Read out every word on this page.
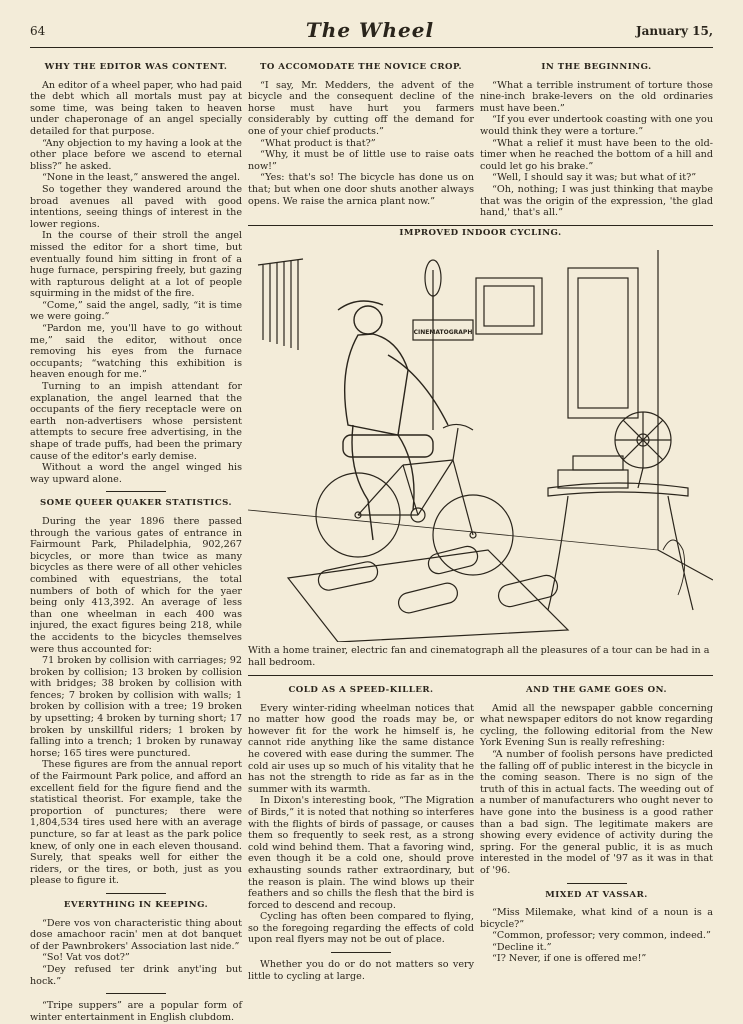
64	The Wheel	January 15,
WHY THE EDITOR WAS CONTENT.

An editor of a wheel paper, who had paid the debt which all mortals must pay at some time, was being taken to heaven under chaperonage of an angel specially detailed for that purpose.

“Any objection to my having a look at the other place before we ascend to eternal bliss?” he asked.

“None in the least,” answered the angel.

So together they wandered around the broad avenues all paved with good intentions, seeing things of interest in the lower regions.

In the course of their stroll the angel missed the editor for a short time, but eventually found him sitting in front of a huge furnace, perspiring freely, but gazing with rapturous delight at a lot of people squirming in the midst of the fire.

“Come,” said the angel, sadly, “it is time we were going.”

“Pardon me, you'll have to go without me,” said the editor, without once removing his eyes from the furnace occupants; “watching this exhibition is heaven enough for me.”

Turning to an impish attendant for explanation, the angel learned that the occupants of the fiery receptacle were on earth non-advertisers whose persistent attempts to secure free advertising, in the shape of trade puffs, had been the primary cause of the editor's early demise.

Without a word the angel winged his way upward alone.

SOME QUEER QUAKER STATISTICS.

During the year 1896 there passed through the various gates of entrance in Fairmount Park, Philadelphia, 902,267 bicycles, or more than twice as many bicycles as there were of all other vehicles combined with equestrians, the total numbers of both of which for the yaer being only 413,392. An average of less than one wheelman in each 400 was injured, the exact figures being 218, while the accidents to the bicycles themselves were thus accounted for:

71 broken by collision with carriages; 92 broken by collision; 13 broken by collision with bridges; 38 broken by collision with fences; 7 broken by collision with walls; 1 broken by collision with a tree; 19 broken by upsetting; 4 broken by turning short; 17 broken by unskillful riders; 1 broken by falling into a trench; 1 broken by runaway horse; 165 tires were punctured.

These figures are from the annual report of the Fairmount Park police, and afford an excellent field for the figure fiend and the statistical theorist. For example, take the proportion of punctures; there were 1,804,534 tires used here with an average puncture, so far at least as the park police knew, of only one in each eleven thousand. Surely, that speaks well for either the riders, or the tires, or both, just as you please to figure it.

EVERYTHING IN KEEPING.

“Dere vos von characteristic thing about dose amachoor racin' men at dot banquet of der Pawnbrokers' Association last nide.”

“So! Vat vos dot?”

“Dey refused ter drink anyt'ing but hock.”

“Tripe suppers” are a popular form of winter entertainment in English clubdom.

TO ACCOMODATE THE NOVICE CROP.

“I say, Mr. Medders, the advent of the bicycle and the consequent decline of the horse must have hurt you farmers considerably by cutting off the demand for one of your chief products.”

“What product is that?”

“Why, it must be of little use to raise oats now!”

“Yes: that's so! The bicycle has done us on that; but when one door shuts another always opens. We raise the arnica plant now.”

IN THE BEGINNING.

“What a terrible instrument of torture those nine-inch brake-levers on the old ordinaries must have been.”

“If you ever undertook coasting with one you would think they were a torture.”

“What a relief it must have been to the old-timer when he reached the bottom of a hill and could let go his brake.”

“Well, I should say it was; but what of it?”

“Oh, nothing; I was just thinking that maybe that was the origin of the expression, 'the glad hand,' that's all.”

IMPROVED INDOOR CYCLING.
CINEMATOGRAPH
With a home trainer, electric fan and cinematograph all the pleasures of a tour can be had in a hall bedroom.
COLD AS A SPEED-KILLER.

Every winter-riding wheelman notices that no matter how good the roads may be, or however fit for the work he himself is, he cannot ride anything like the same distance he covered with ease during the summer. The cold air uses up so much of his vitality that he has not the strength to ride as far as in the summer with its warmth.

In Dixon's interesting book, “The Migration of Birds,” it is noted that nothing so interferes with the flights of birds of passage, or causes them so frequently to seek rest, as a strong cold wind behind them. That a favoring wind, even though it be a cold one, should prove exhausting sounds rather extraordinary, but the reason is plain. The wind blows up their feathers and so chills the flesh that the bird is forced to descend and recoup.

Cycling has often been compared to flying, so the foregoing regarding the effects of cold upon real flyers may not be out of place.

Whether you do or do not matters so very little to cycling at large.

AND THE GAME GOES ON.

Amid all the newspaper gabble concerning what newspaper editors do not know regarding cycling, the following editorial from the New York Evening Sun is really refreshing:

“A number of foolish persons have predicted the falling off of public interest in the bicycle in the coming season. There is no sign of the truth of this in actual facts. The weeding out of a number of manufacturers who ought never to have gone into the business is a good rather than a bad sign. The legitimate makers are showing every evidence of activity during the spring. For the general public, it is as much interested in the model of '97 as it was in that of '96.

MIXED AT VASSAR.

“Miss Milemake, what kind of a noun is a bicycle?”

“Common, professor; very common, indeed.”

“Decline it.”

“I? Never, if one is offered me!”
